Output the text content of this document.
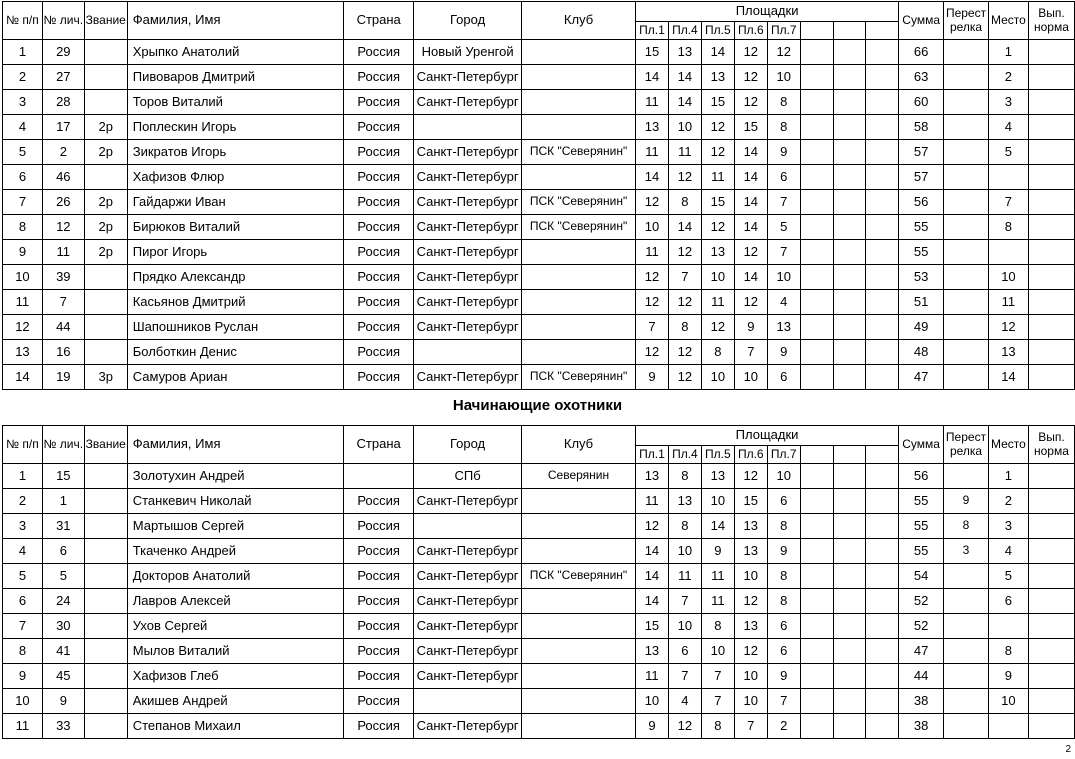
№ п/п	№ лич.	Звание	Фамилия, Имя	Страна	Город	Клуб	Площадки								Сумма	Перестрелка	Место	Вып. норма
							Пл.1	Пл.4	Пл.5	Пл.6	Пл.7							
1	29		Хрыпко Анатолий	Россия	Новый Уренгой		15	13	14	12	12				66		1	
2	27		Пивоваров Дмитрий	Россия	Санкт-Петербург		14	14	13	12	10				63		2	
3	28		Торов Виталий	Россия	Санкт-Петербург		11	14	15	12	8				60		3	
4	17	2р	Поплескин Игорь	Россия			13	10	12	15	8				58		4	
5	2	2р	Зикратов Игорь	Россия	Санкт-Петербург	ПСК "Северянин"	11	11	12	14	9				57		5	
6	46		Хафизов Флюр	Россия	Санкт-Петербург		14	12	11	14	6				57			
7	26	2р	Гайдаржи Иван	Россия	Санкт-Петербург	ПСК "Северянин"	12	8	15	14	7				56		7	
8	12	2р	Бирюков Виталий	Россия	Санкт-Петербург	ПСК "Северянин"	10	14	12	14	5				55		8	
9	11	2р	Пирог Игорь	Россия	Санкт-Петербург		11	12	13	12	7				55			
10	39		Прядко Александр	Россия	Санкт-Петербург		12	7	10	14	10				53		10	
11	7		Касьянов Дмитрий	Россия	Санкт-Петербург		12	12	11	12	4				51		11	
12	44		Шапошников Руслан	Россия	Санкт-Петербург		7	8	12	9	13				49		12	
13	16		Болботкин Денис	Россия			12	12	8	7	9				48		13	
14	19	3р	Самуров Ариан	Россия	Санкт-Петербург	ПСК "Северянин"	9	12	10	10	6				47		14	
Начинающие охотники
№ п/п	№ лич.	Звание	Фамилия, Имя	Страна	Город	Клуб	Площадки								Сумма	Перестрелка	Место	Вып. норма
							Пл.1	Пл.4	Пл.5	Пл.6	Пл.7							
1	15		Золотухин Андрей		СПб	Северянин	13	8	13	12	10				56		1	
2	1		Станкевич Николай	Россия	Санкт-Петербург		11	13	10	15	6				55	9	2	
3	31		Мартышов Сергей	Россия			12	8	14	13	8				55	8	3	
4	6		Ткаченко Андрей	Россия	Санкт-Петербург		14	10	9	13	9				55	3	4	
5	5		Докторов Анатолий	Россия	Санкт-Петербург	ПСК "Северянин"	14	11	11	10	8				54		5	
6	24		Лавров Алексей	Россия	Санкт-Петербург		14	7	11	12	8				52		6	
7	30		Ухов Сергей	Россия	Санкт-Петербург		15	10	8	13	6				52			
8	41		Мылов Виталий	Россия	Санкт-Петербург		13	6	10	12	6				47		8	
9	45		Хафизов Глеб	Россия	Санкт-Петербург		11	7	7	10	9				44		9	
10	9		Акишев Андрей	Россия			10	4	7	10	7				38		10	
11	33		Степанов Михаил	Россия	Санкт-Петербург		9	12	8	7	2				38			
2
